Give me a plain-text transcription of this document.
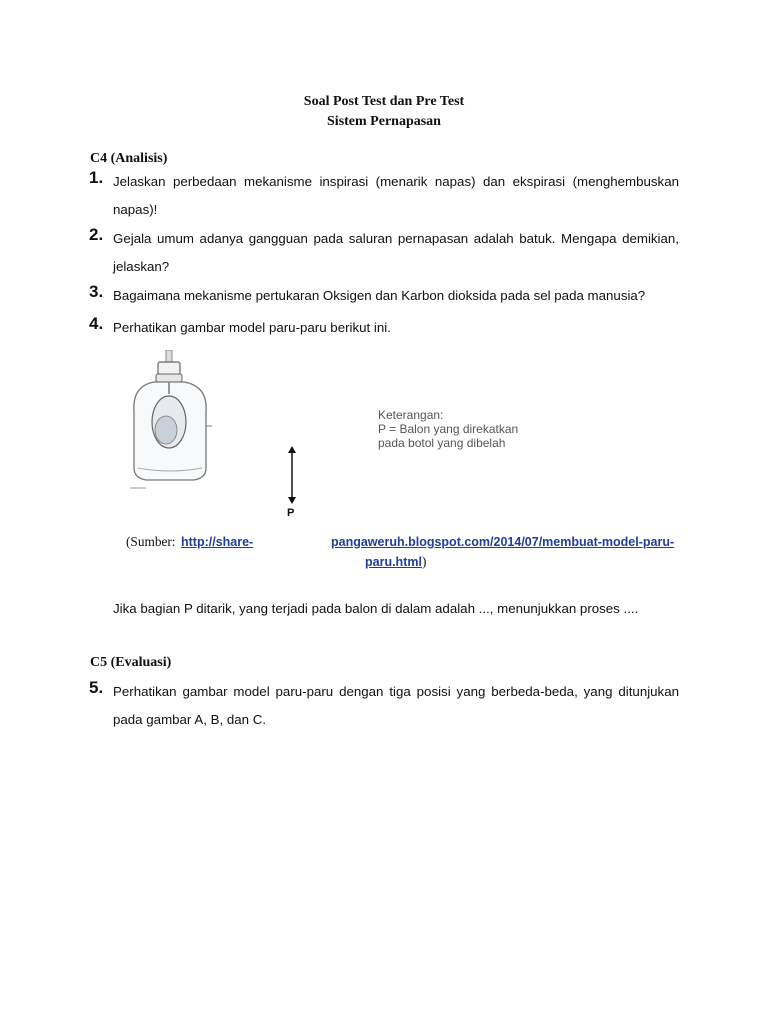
Soal Post Test dan Pre Test
Sistem Pernapasan
C4 (Analisis)
1. Jelaskan perbedaan mekanisme inspirasi (menarik napas) dan ekspirasi (menghembuskan napas)!
2. Gejala umum adanya gangguan pada saluran pernapasan adalah batuk. Mengapa demikian, jelaskan?
3. Bagaimana mekanisme pertukaran Oksigen dan Karbon dioksida pada sel pada manusia?
4. Perhatikan gambar model paru-paru berikut ini.
P
Keterangan:
P = Balon yang direkatkan
pada botol yang dibelah
(Sumber: http://share-	pangaweruh.blogspot.com/2014/07/membuat-model-paru-
paru.html)
Jika bagian P ditarik, yang terjadi pada balon di dalam adalah ..., menunjukkan proses ....
C5 (Evaluasi)
5. Perhatikan gambar model paru-paru dengan tiga posisi yang berbeda-beda, yang ditunjukan pada gambar A, B, dan C.
